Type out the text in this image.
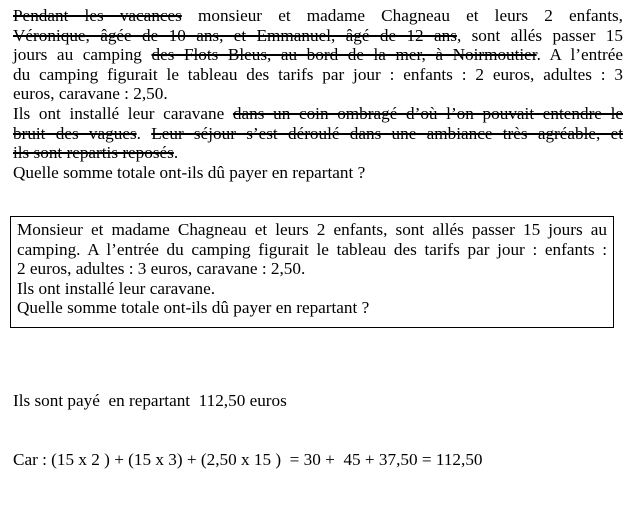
Pendant les vacances monsieur et madame Chagneau et leurs 2 enfants,
Véronique, âgée de 10 ans, et Emmanuel, âgé de 12 ans, sont allés passer 15
jours au camping des Flots Bleus, au bord de la mer, à Noirmoutier. A l’entrée
du camping figurait le tableau des tarifs par jour : enfants : 2 euros, adultes : 3
euros, caravane : 2,50.
Ils ont installé leur caravane dans un coin ombragé d’où l’on pouvait entendre le
bruit des vagues. Leur séjour s’est déroulé dans une ambiance très agréable, et
ils sont repartis reposés.
Quelle somme totale ont-ils dû payer en repartant ?
Monsieur et madame Chagneau et leurs 2 enfants, sont allés passer 15 jours au
camping. A l’entrée du camping figurait le tableau des tarifs par jour : enfants :
2 euros, adultes : 3 euros, caravane : 2,50.
Ils ont installé leur caravane.
Quelle somme totale ont-ils dû payer en repartant ?

Ils sont payé  en repartant  112,50 euros

Car : (15 x 2 ) + (15 x 3) + (2,50 x 15 )  = 30 +  45 + 37,50 = 112,50
